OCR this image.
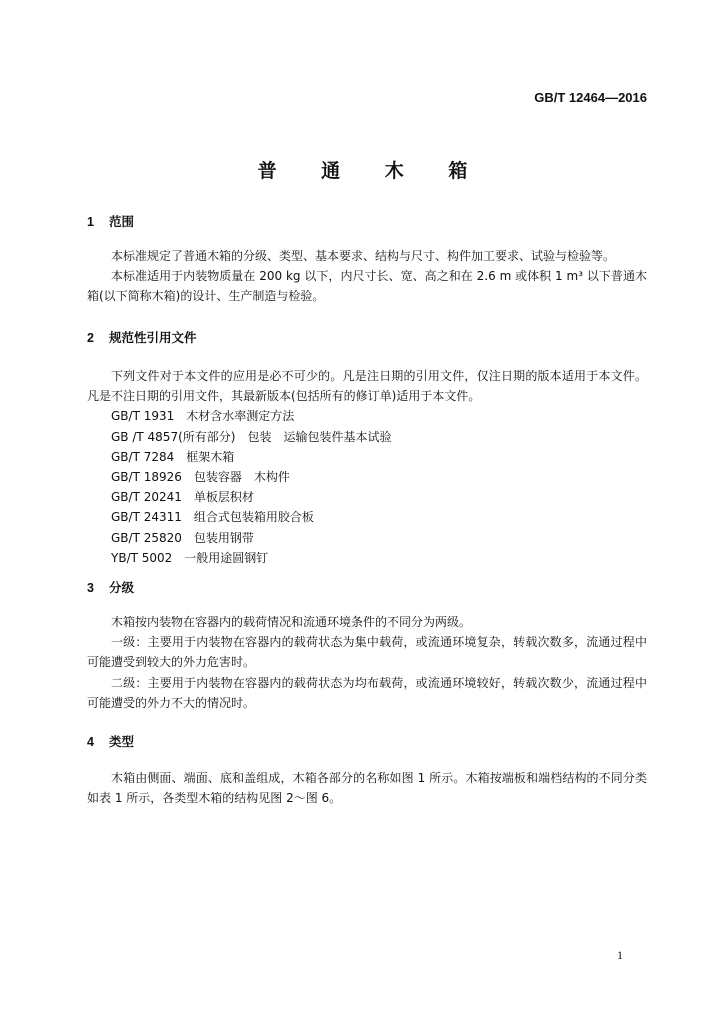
GB/T 12464—2016
普 通 木 箱
1 范围
本标准规定了普通木箱的分级、类型、基本要求、结构与尺寸、构件加工要求、试验与检验等。
本标准适用于内装物质量在 200 kg 以下，内尺寸长、宽、高之和在 2.6 m 或体积 1 m³ 以下普通木箱(以下简称木箱)的设计、生产制造与检验。
2 规范性引用文件
下列文件对于本文件的应用是必不可少的。凡是注日期的引用文件，仅注日期的版本适用于本文件。凡是不注日期的引用文件，其最新版本(包括所有的修订单)适用于本文件。
GB/T 1931 木材含水率测定方法
GB /T 4857(所有部分) 包装　运输包装件基本试验
GB/T 7284 框架木箱
GB/T 18926 包装容器　木构件
GB/T 20241 单板层积材
GB/T 24311 组合式包装箱用胶合板
GB/T 25820 包装用钢带
YB/T 5002 一般用途圆钢钉
3 分级
木箱按内装物在容器内的载荷情况和流通环境条件的不同分为两级。
一级：主要用于内装物在容器内的载荷状态为集中载荷，或流通环境复杂，转载次数多，流通过程中可能遭受到较大的外力危害时。
二级：主要用于内装物在容器内的载荷状态为均布载荷，或流通环境较好，转载次数少，流通过程中可能遭受的外力不大的情况时。
4 类型
木箱由侧面、端面、底和盖组成，木箱各部分的名称如图 1 所示。木箱按端板和端档结构的不同分类如表 1 所示，各类型木箱的结构见图 2～图 6。
1
